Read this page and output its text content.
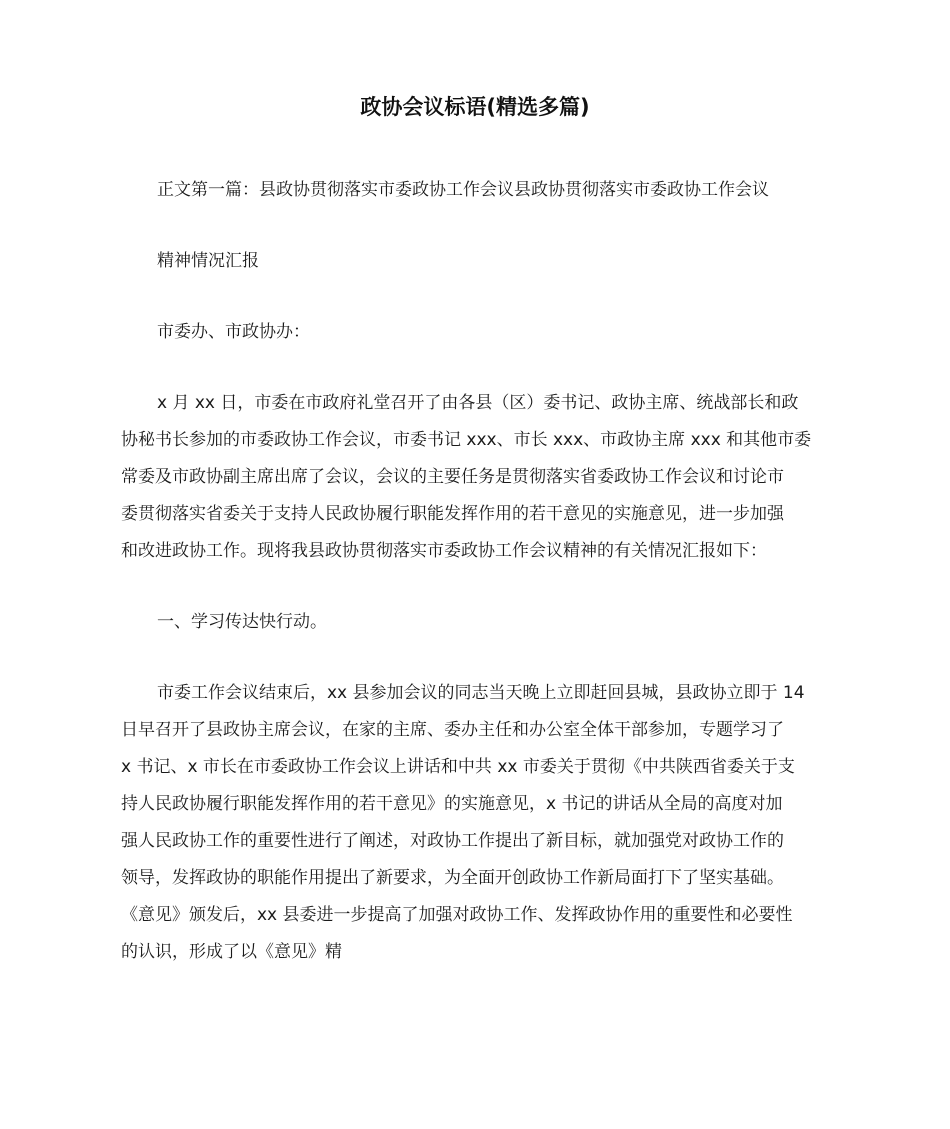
政协会议标语(精选多篇)
正文第一篇：县政协贯彻落实市委政协工作会议县政协贯彻落实市委政协工作会议
精神情况汇报
市委办、市政协办：
x 月 xx 日，市委在市政府礼堂召开了由各县（区）委书记、政协主席、统战部长和政
协秘书长参加的市委政协工作会议，市委书记 xxx、市长 xxx、市政协主席 xxx 和其他市委
常委及市政协副主席出席了会议，会议的主要任务是贯彻落实省委政协工作会议和讨论市
委贯彻落实省委关于支持人民政协履行职能发挥作用的若干意见的实施意见，进一步加强
和改进政协工作。现将我县政协贯彻落实市委政协工作会议精神的有关情况汇报如下：
一、学习传达快行动。
市委工作会议结束后，xx 县参加会议的同志当天晚上立即赶回县城，县政协立即于 14
日早召开了县政协主席会议，在家的主席、委办主任和办公室全体干部参加，专题学习了
x 书记、x 市长在市委政协工作会议上讲话和中共 xx 市委关于贯彻《中共陕西省委关于支
持人民政协履行职能发挥作用的若干意见》的实施意见，x 书记的讲话从全局的高度对加
强人民政协工作的重要性进行了阐述，对政协工作提出了新目标，就加强党对政协工作的
领导，发挥政协的职能作用提出了新要求，为全面开创政协工作新局面打下了坚实基础。
《意见》颁发后，xx 县委进一步提高了加强对政协工作、发挥政协作用的重要性和必要性
的认识，形成了以《意见》精
